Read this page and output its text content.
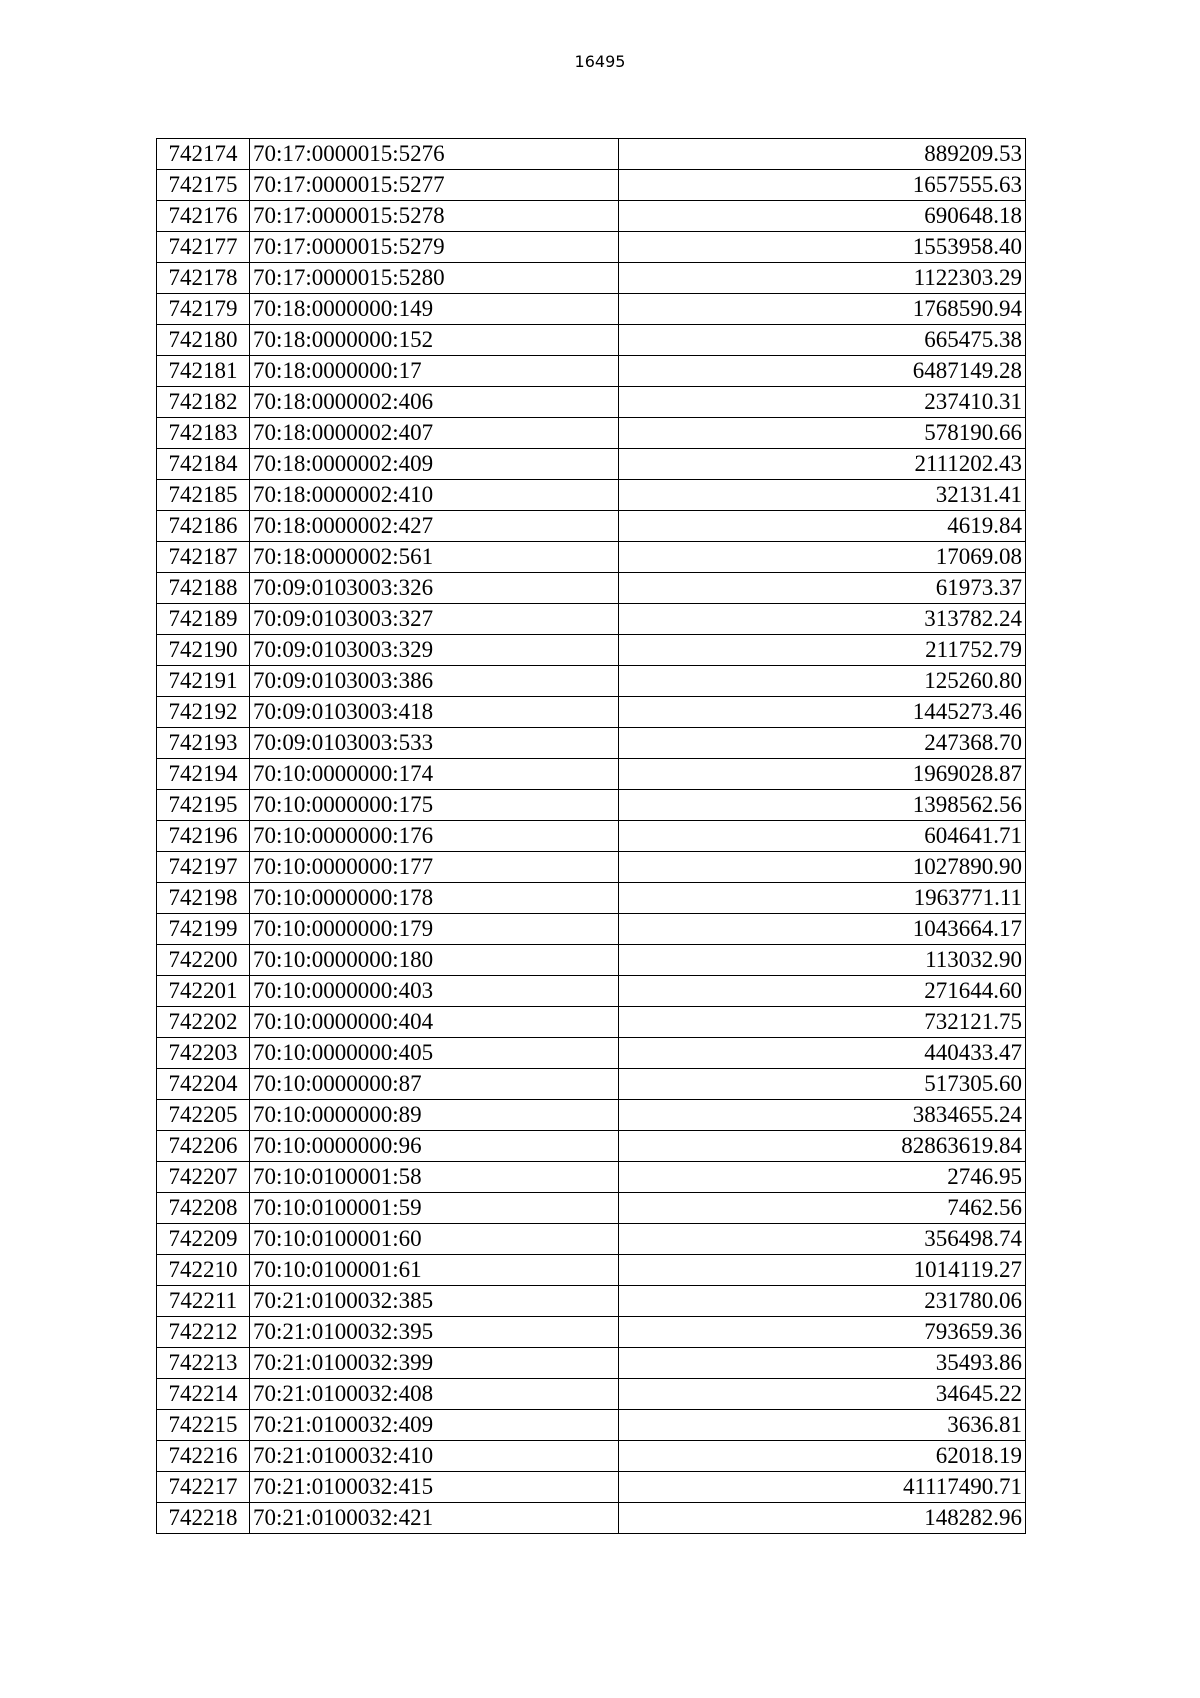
16495
742174	70:17:0000015:5276	889209.53
742175	70:17:0000015:5277	1657555.63
742176	70:17:0000015:5278	690648.18
742177	70:17:0000015:5279	1553958.40
742178	70:17:0000015:5280	1122303.29
742179	70:18:0000000:149	1768590.94
742180	70:18:0000000:152	665475.38
742181	70:18:0000000:17	6487149.28
742182	70:18:0000002:406	237410.31
742183	70:18:0000002:407	578190.66
742184	70:18:0000002:409	2111202.43
742185	70:18:0000002:410	32131.41
742186	70:18:0000002:427	4619.84
742187	70:18:0000002:561	17069.08
742188	70:09:0103003:326	61973.37
742189	70:09:0103003:327	313782.24
742190	70:09:0103003:329	211752.79
742191	70:09:0103003:386	125260.80
742192	70:09:0103003:418	1445273.46
742193	70:09:0103003:533	247368.70
742194	70:10:0000000:174	1969028.87
742195	70:10:0000000:175	1398562.56
742196	70:10:0000000:176	604641.71
742197	70:10:0000000:177	1027890.90
742198	70:10:0000000:178	1963771.11
742199	70:10:0000000:179	1043664.17
742200	70:10:0000000:180	113032.90
742201	70:10:0000000:403	271644.60
742202	70:10:0000000:404	732121.75
742203	70:10:0000000:405	440433.47
742204	70:10:0000000:87	517305.60
742205	70:10:0000000:89	3834655.24
742206	70:10:0000000:96	82863619.84
742207	70:10:0100001:58	2746.95
742208	70:10:0100001:59	7462.56
742209	70:10:0100001:60	356498.74
742210	70:10:0100001:61	1014119.27
742211	70:21:0100032:385	231780.06
742212	70:21:0100032:395	793659.36
742213	70:21:0100032:399	35493.86
742214	70:21:0100032:408	34645.22
742215	70:21:0100032:409	3636.81
742216	70:21:0100032:410	62018.19
742217	70:21:0100032:415	41117490.71
742218	70:21:0100032:421	148282.96
